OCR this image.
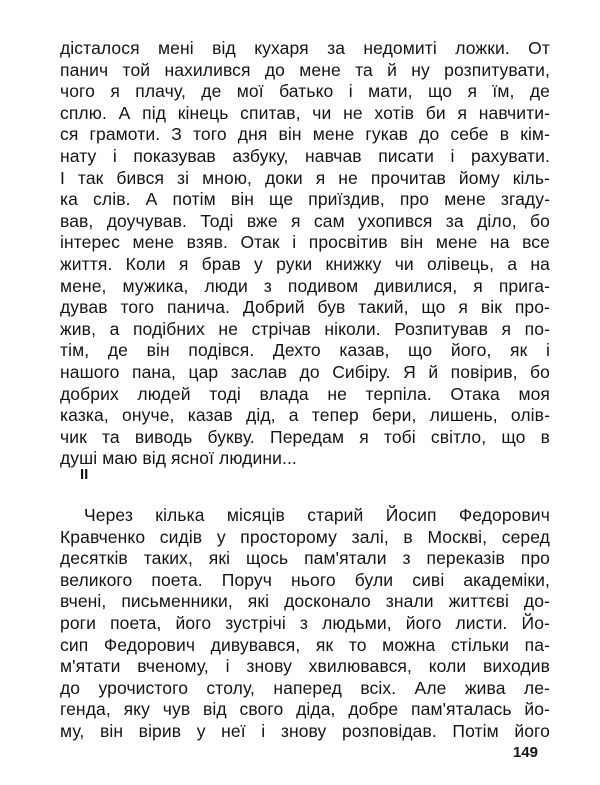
дісталося мені від кухаря за недомиті ложки. От
панич той нахилився до мене та й ну розпитувати,
чого я плачу, де мої батько і мати, що я їм, де
сплю. А під кінець спитав, чи не хотів би я навчити-
ся грамоти. З того дня він мене гукав до себе в кім-
нату і показував азбуку, навчав писати і рахувати.
І так бився зі мною, доки я не прочитав йому кіль-
ка слів. А потім він ще приїздив, про мене згаду-
вав, доучував. Тоді вже я сам ухопився за діло, бо
інтерес мене взяв. Отак і просвітив він мене на все
життя. Коли я брав у руки книжку чи олівець, а на
мене, мужика, люди з подивом дивилися, я прига-
дував того панича. Добрий був такий, що я вік про-
жив, а подібних не стрічав ніколи. Розпитував я по-
тім, де він подівся. Дехто казав, що його, як і
нашого пана, цар заслав до Сибіру. Я й повірив, бо
добрих людей тоді влада не терпіла. Отака моя
казка, онуче, казав дід, а тепер бери, лишень, олів-
чик та виводь букву. Передам я тобі світло, що в
душі маю від ясної людини...
II
Через кілька місяців старий Йосип Федорович
Кравченко сидів у просторому залі, в Москві, серед
десятків таких, які щось пам'ятали з переказів про
великого поета. Поруч нього були сиві академіки,
вчені, письменники, які досконало знали життєві до-
роги поета, його зустрічі з людьми, його листи. Йо-
сип Федорович дивувався, як то можна стільки па-
м'ятати вченому, і знову хвилювався, коли виходив
до урочистого столу, наперед всіх. Але жива ле-
генда, яку чув від свого діда, добре пам'яталась йо-
му, він вірив у неї і знову розповідав. Потім його
149
